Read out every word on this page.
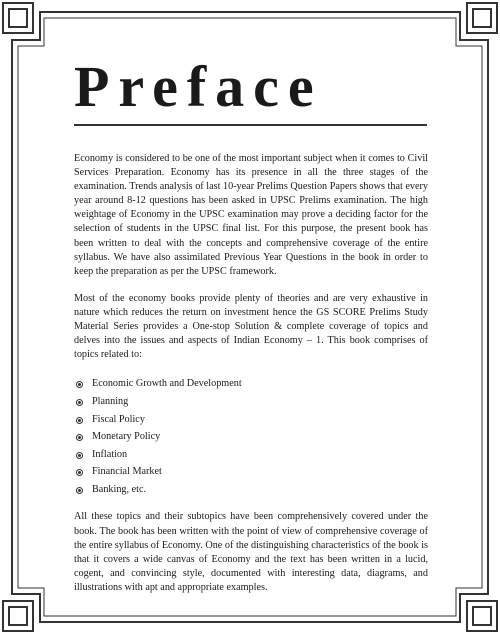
Preface

Economy is considered to be one of the most important subject when it comes to Civil Services Preparation. Economy has its presence in all the three stages of the examination. Trends analysis of last 10-year Prelims Question Papers shows that every year around 8-12 questions has been asked in UPSC Prelims examination. The high weightage of Economy in the UPSC examination may prove a deciding factor for the selection of students in the UPSC final list. For this purpose, the present book has been written to deal with the concepts and comprehensive coverage of the entire syllabus. We have also assimilated Previous Year Questions in the book in order to keep the preparation as per the UPSC framework.

Most of the economy books provide plenty of theories and are very exhaustive in nature which reduces the return on investment hence the GS SCORE Prelims Study Material Series provides a One-stop Solution & complete coverage of topics and delves into the issues and aspects of Indian Economy – 1. This book comprises of topics related to:

Economic Growth and Development
Planning
Fiscal Policy
Monetary Policy
Inflation
Financial Market
Banking, etc.

All these topics and their subtopics have been comprehensively covered under the book. The book has been written with the point of view of comprehensive coverage of the entire syllabus of Economy. One of the distinguishing characteristics of the book is that it covers a wide canvas of Economy and the text has been written in a lucid, cogent, and convincing style, documented with interesting data, diagrams, and illustrations with apt and appropriate examples.
